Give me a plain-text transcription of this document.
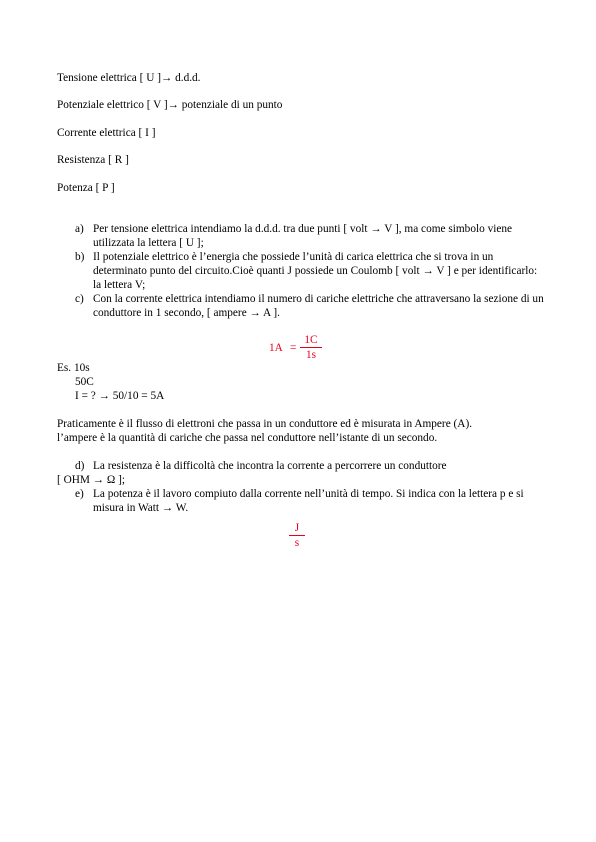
Tensione elettrica [ U ]→ d.d.d.
Potenziale elettrico [ V ]→ potenziale di un punto
Corrente elettrica [ I ]
Resistenza [ R ]
Potenza [ P ]
a) Per tensione elettrica intendiamo la d.d.d. tra due punti [ volt → V ], ma come simbolo viene utilizzata la lettera [ U ];
b) Il potenziale elettrico è l’energia che possiede l’unità di carica elettrica che si trova in un determinato punto del circuito.Cioè quanti J possiede un Coulomb [ volt → V ] e per identificarlo: la lettera V;
c) Con la corrente elettrica intendiamo il numero di cariche elettriche che attraversano la sezione di un conduttore in 1 secondo, [ ampere → A ].
1A =
1C
1s
Es. 10s
50C
I = ? → 50/10 = 5A
Praticamente è il flusso di elettroni che passa in un conduttore ed è misurata in Ampere (A).
l’ampere è la quantità di cariche che passa nel conduttore nell’istante di un secondo.
d) La resistenza è la difficoltà che incontra la corrente a percorrere un conduttore
[ OHM → Ω ];
e) La potenza è il lavoro compiuto dalla corrente nell’unità di tempo. Si indica con la lettera p e si misura in Watt → W.
J
s
